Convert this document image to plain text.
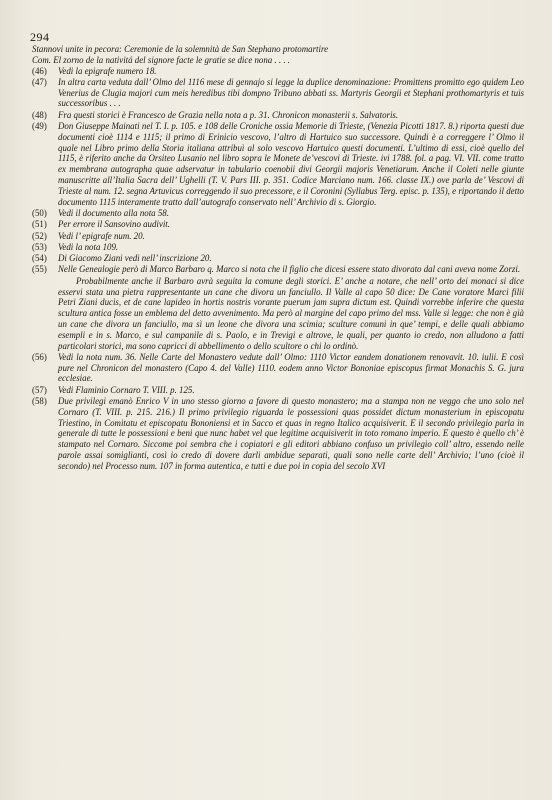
294
Stannovi unite in pecora: Ceremonie de la solemnità de San Stephano protomartire
Com. El zorno de la nativitá del signore facte le gratie se dice nona . . . .
(46) Vedi la epigrafe numero 18.
(47) In altra carta veduta dall’ Olmo del 1116 mese di gennajo si legge la duplice denominazione: Promittens promitto ego quidem Leo Venerius de Clugia majori cum meis heredibus tibi dompno Tribuno abbati ss. Martyris Georgii et Stephani prothomartyris et tuis successoribus . . .
(48) Fra questi storici è Francesco de Grazia nella nota a p. 31. Chronicon monasterii s. Salvatoris.
(49) Don Giuseppe Mainati nel T. I. p. 105. e 108 delle Croniche ossia Memorie di Trieste, (Venezia Picotti 1817. 8.) riporta questi due documenti cioè 1114 e 1115; il primo di Erinicio vescovo, l’altro di Hartuico suo successore. Quindi è a correggere l’ Olmo il quale nel Libro primo della Storia italiana attribuì al solo vescovo Hartuico questi documenti. L’ultimo di essi, cioè quello del 1115, è riferito anche da Orsiteo Lusanio nel libro sopra le Monete de’vescovi di Trieste. ivi 1788. fol. a pag. VI. VII. come tratto ex membrana autographa quae adservatur in tabulario coenobii divi Georgii majoris Venetiarum. Anche il Coleti nelle giunte manuscritte all’Italia Sacra dell’ Ughelli (T. V. Pars III. p. 351. Codice Marciano num. 166. classe IX.) ove parla de’ Vescovi di Trieste al num. 12. segna Artuvicus correggendo il suo precessore, e il Coronini (Syllabus Terg. episc. p. 135), e riportando il detto documento 1115 interamente tratto dall’autografo conservato nell’ Archivio di s. Giorgio.
(50) Vedi il documento alla nota 58.
(51) Per errore il Sansovino audivit.
(52) Vedi l’ epigrafe num. 20.
(53) Vedi la nota 109.
(54) Di Giacomo Ziani vedi nell’ inscrizione 20.
(55) Nelle Genealogie però di Marco Barbaro q. Marco si nota che il figlio che dicesi essere stato divorato dal cani aveva nome Zorzi.
Probabilmente anche il Barbaro avrà seguita la comune degli storici. E’ anche a notare, che nell’ orto dei monaci si dice esservi stata una pietra rappresentante un cane che divora un fanciullo. Il Valle al capo 50 dice: De Cane voratore Marci filii Petri Ziani ducis, et de cane lapideo in hortis nostris vorante puerum jam supra dictum est. Quindi vorrebbe inferire che questa scultura antica fosse un emblema del detto avvenimento. Ma però al margine del capo primo del mss. Valle si legge: che non è già un cane che divora un fanciullo, ma sì un leone che divora una scimia; sculture comuni in que’ tempi, e delle quali abbiamo esempli e in s. Marco, e sul campanile di s. Paolo, e in Trevigi e altrove, le quali, per quanto io credo, non alludono a fatti particolari storici, ma sono capricci di abbellimento o dello scultore o chi lo ordinò.
(56) Vedi la nota num. 36. Nelle Carte del Monastero vedute dall’ Olmo: 1110 Victor eandem donationem renovavit. 10. iulii. E così pure nel Chronicon del monastero (Capo 4. del Valle) 1110. eodem anno Victor Bononiae episcopus firmat Monachis S. G. jura ecclesiae.
(57) Vedi Flaminio Cornaro T. VIII. p. 125.
(58) Due privilegi emanò Enrico V in uno stesso giorno a favore di questo monastero; ma a stampa non ne veggo che uno solo nel Cornaro (T. VIII. p. 215. 216.) Il primo privilegio riguarda le possessioni quas possidet dictum monasterium in episcopatu Triestino, in Comitatu et episcopatu Bononiensi et in Sacco et quas in regno Italico acquisiverit. E il secondo privilegio parla in generale di tutte le possessioni e beni que nunc habet vel que legitime acquisiverit in toto romano imperio. E questo è quello ch’ è stampato nel Cornaro. Siccome poi sembra che i copiatori e gli editori abbiano confuso un privilegio coll’ altro, essendo nelle parole assai somiglianti, così io credo di dovere darli ambidue separati, quali sono nelle carte dell’ Archivio; l’uno (cioè il secondo) nel Processo num. 107 in forma autentica, e tutti e due poi in copia del secolo XVI
